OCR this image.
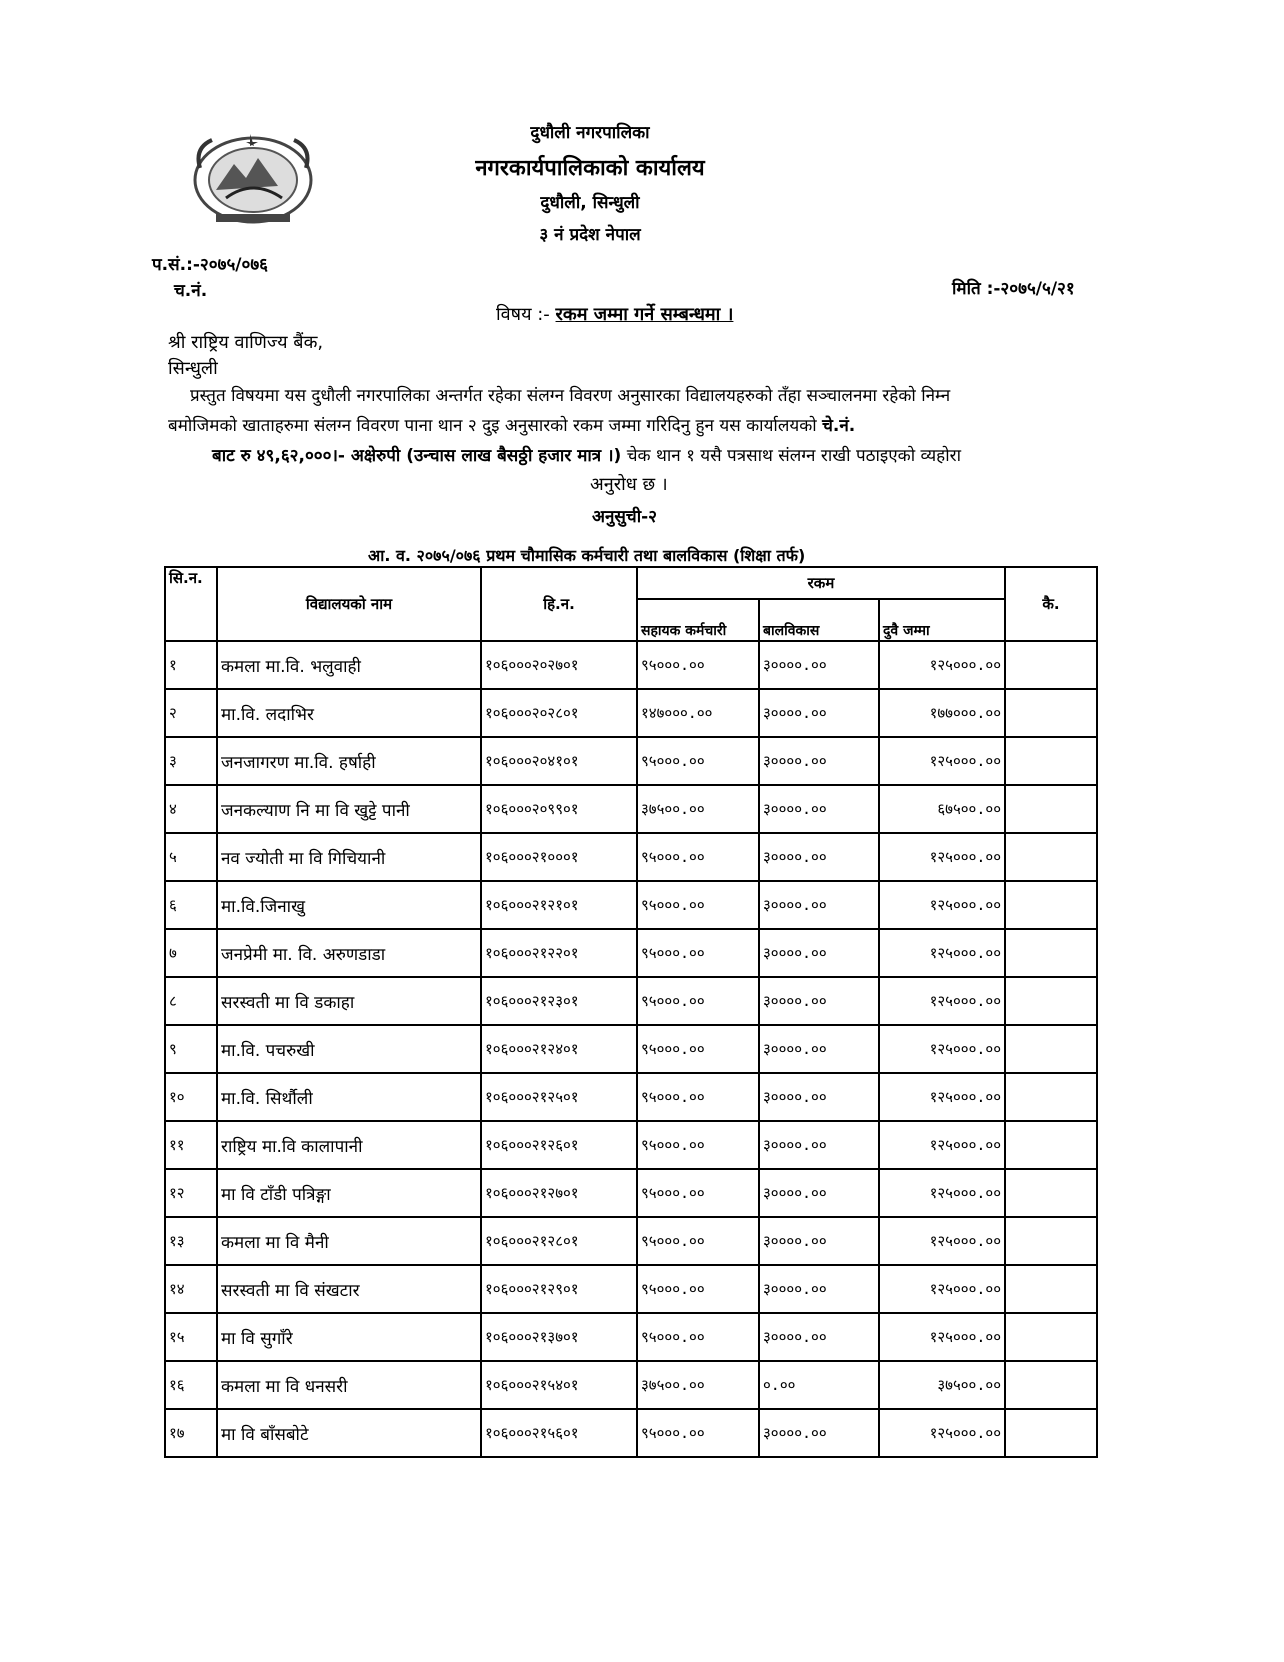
दुधौली नगरपालिका
नगरकार्यपालिकाको कार्यालय
दुधौली, सिन्धुली
३ नं प्रदेश नेपाल
प.सं.:-२०७५/०७६
च.नं.	मिति :-२०७५/५/२१
विषय :- रकम जम्मा गर्ने सम्बन्धमा ।
श्री राष्ट्रिय वाणिज्य बैंक,
सिन्धुली
प्रस्तुत विषयमा यस दुधौली नगरपालिका अन्तर्गत रहेका संलग्न विवरण अनुसारका विद्यालयहरुको तँहा सञ्चालनमा रहेको निम्न
बमोजिमको खाताहरुमा संलग्न विवरण पाना थान २ दुइ अनुसारको रकम जम्मा गरिदिनु हुन यस कार्यालयको चे.नं.
बाट रु ४९,६२,०००।- अक्षेरुपी (उन्चास लाख बैसठ्ठी हजार मात्र ।) चेक थान १ यसै पत्रसाथ संलग्न राखी पठाइएको व्यहोरा
अनुरोध छ ।
अनुसुची-२
आ. व. २०७५/०७६ प्रथम चौमासिक कर्मचारी तथा बालविकास (शिक्षा तर्फ)
सि.न.	विद्यालयको नाम	हि.न.	रकम			कै.
			सहायक कर्मचारी	बालविकास	दुवै जम्मा	
१	कमला मा.वि. भलुवाही	१०६०००२०२७०१	९५०००.००	३००००.००	१२५०००.००	
२	मा.वि. लदाभिर	१०६०००२०२८०१	१४७०००.००	३००००.००	१७७०००.००	
३	जनजागरण मा.वि. हर्षाही	१०६०००२०४१०१	९५०००.००	३००००.००	१२५०००.००	
४	जनकल्याण नि मा वि खुट्टे पानी	१०६०००२०९९०१	३७५००.००	३००००.००	६७५००.००	
५	नव ज्योती मा वि गिचियानी	१०६०००२१०००१	९५०००.००	३००००.००	१२५०००.००	
६	मा.वि.जिनाखु	१०६०००२१२१०१	९५०००.००	३००००.००	१२५०००.००	
७	जनप्रेमी मा. वि. अरुणडाडा	१०६०००२१२२०१	९५०००.००	३००००.००	१२५०००.००	
८	सरस्वती मा वि डकाहा	१०६०००२१२३०१	९५०००.००	३००००.००	१२५०००.००	
९	मा.वि. पचरुखी	१०६०००२१२४०१	९५०००.००	३००००.००	१२५०००.००	
१०	मा.वि. सिर्थौली	१०६०००२१२५०१	९५०००.००	३००००.००	१२५०००.००	
११	राष्ट्रिय मा.वि कालापानी	१०६०००२१२६०१	९५०००.००	३००००.००	१२५०००.००	
१२	मा वि टाँडी पत्रिङ्गा	१०६०००२१२७०१	९५०००.००	३००००.००	१२५०००.००	
१३	कमला मा वि मैनी	१०६०००२१२८०१	९५०००.००	३००००.००	१२५०००.००	
१४	सरस्वती मा वि संखटार	१०६०००२१२९०१	९५०००.००	३००००.००	१२५०००.००	
१५	मा वि सुगाँरे	१०६०००२१३७०१	९५०००.००	३००००.००	१२५०००.००	
१६	कमला मा वि धनसरी	१०६०००२१५४०१	३७५००.००	०.००	३७५००.००	
१७	मा वि बाँसबोटे	१०६०००२१५६०१	९५०००.००	३००००.००	१२५०००.००	
